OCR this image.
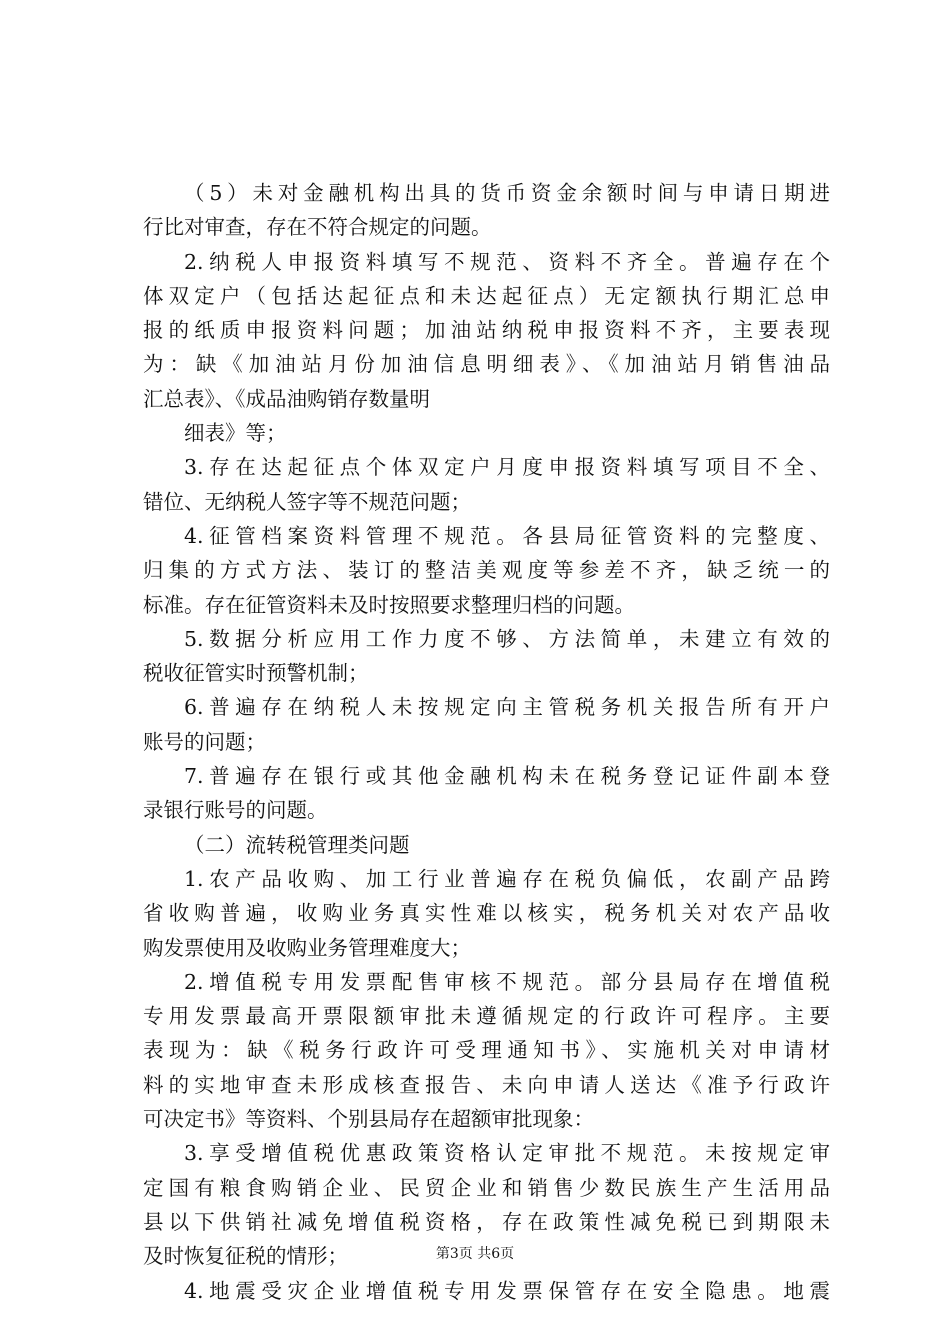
（5）未对金融机构出具的货币资金余额时间与申请日期进
行比对审查，存在不符合规定的问题。
2.纳税人申报资料填写不规范、资料不齐全。普遍存在个
体双定户（包括达起征点和未达起征点）无定额执行期汇总申
报的纸质申报资料问题；加油站纳税申报资料不齐，主要表现
为：缺《加油站月份加油信息明细表》、《加油站月销售油品
汇总表》、《成品油购销存数量明
细表》等；
3.存在达起征点个体双定户月度申报资料填写项目不全、
错位、无纳税人签字等不规范问题；
4.征管档案资料管理不规范。各县局征管资料的完整度、
归集的方式方法、装订的整洁美观度等参差不齐，缺乏统一的
标准。存在征管资料未及时按照要求整理归档的问题。
5.数据分析应用工作力度不够、方法简单，未建立有效的
税收征管实时预警机制；
6.普遍存在纳税人未按规定向主管税务机关报告所有开户
账号的问题；
7.普遍存在银行或其他金融机构未在税务登记证件副本登
录银行账号的问题。
（二）流转税管理类问题
1.农产品收购、加工行业普遍存在税负偏低，农副产品跨
省收购普遍，收购业务真实性难以核实，税务机关对农产品收
购发票使用及收购业务管理难度大；
2.增值税专用发票配售审核不规范。部分县局存在增值税
专用发票最高开票限额审批未遵循规定的行政许可程序。主要
表现为：缺《税务行政许可受理通知书》、实施机关对申请材
料的实地审查未形成核查报告、未向申请人送达《准予行政许
可决定书》等资料、个别县局存在超额审批现象：
3.享受增值税优惠政策资格认定审批不规范。未按规定审
定国有粮食购销企业、民贸企业和销售少数民族生产生活用品
县以下供销社减免增值税资格，存在政策性减免税已到期限未
及时恢复征税的情形；
4.地震受灾企业增值税专用发票保管存在安全隐患。地震
第3页 共6页
